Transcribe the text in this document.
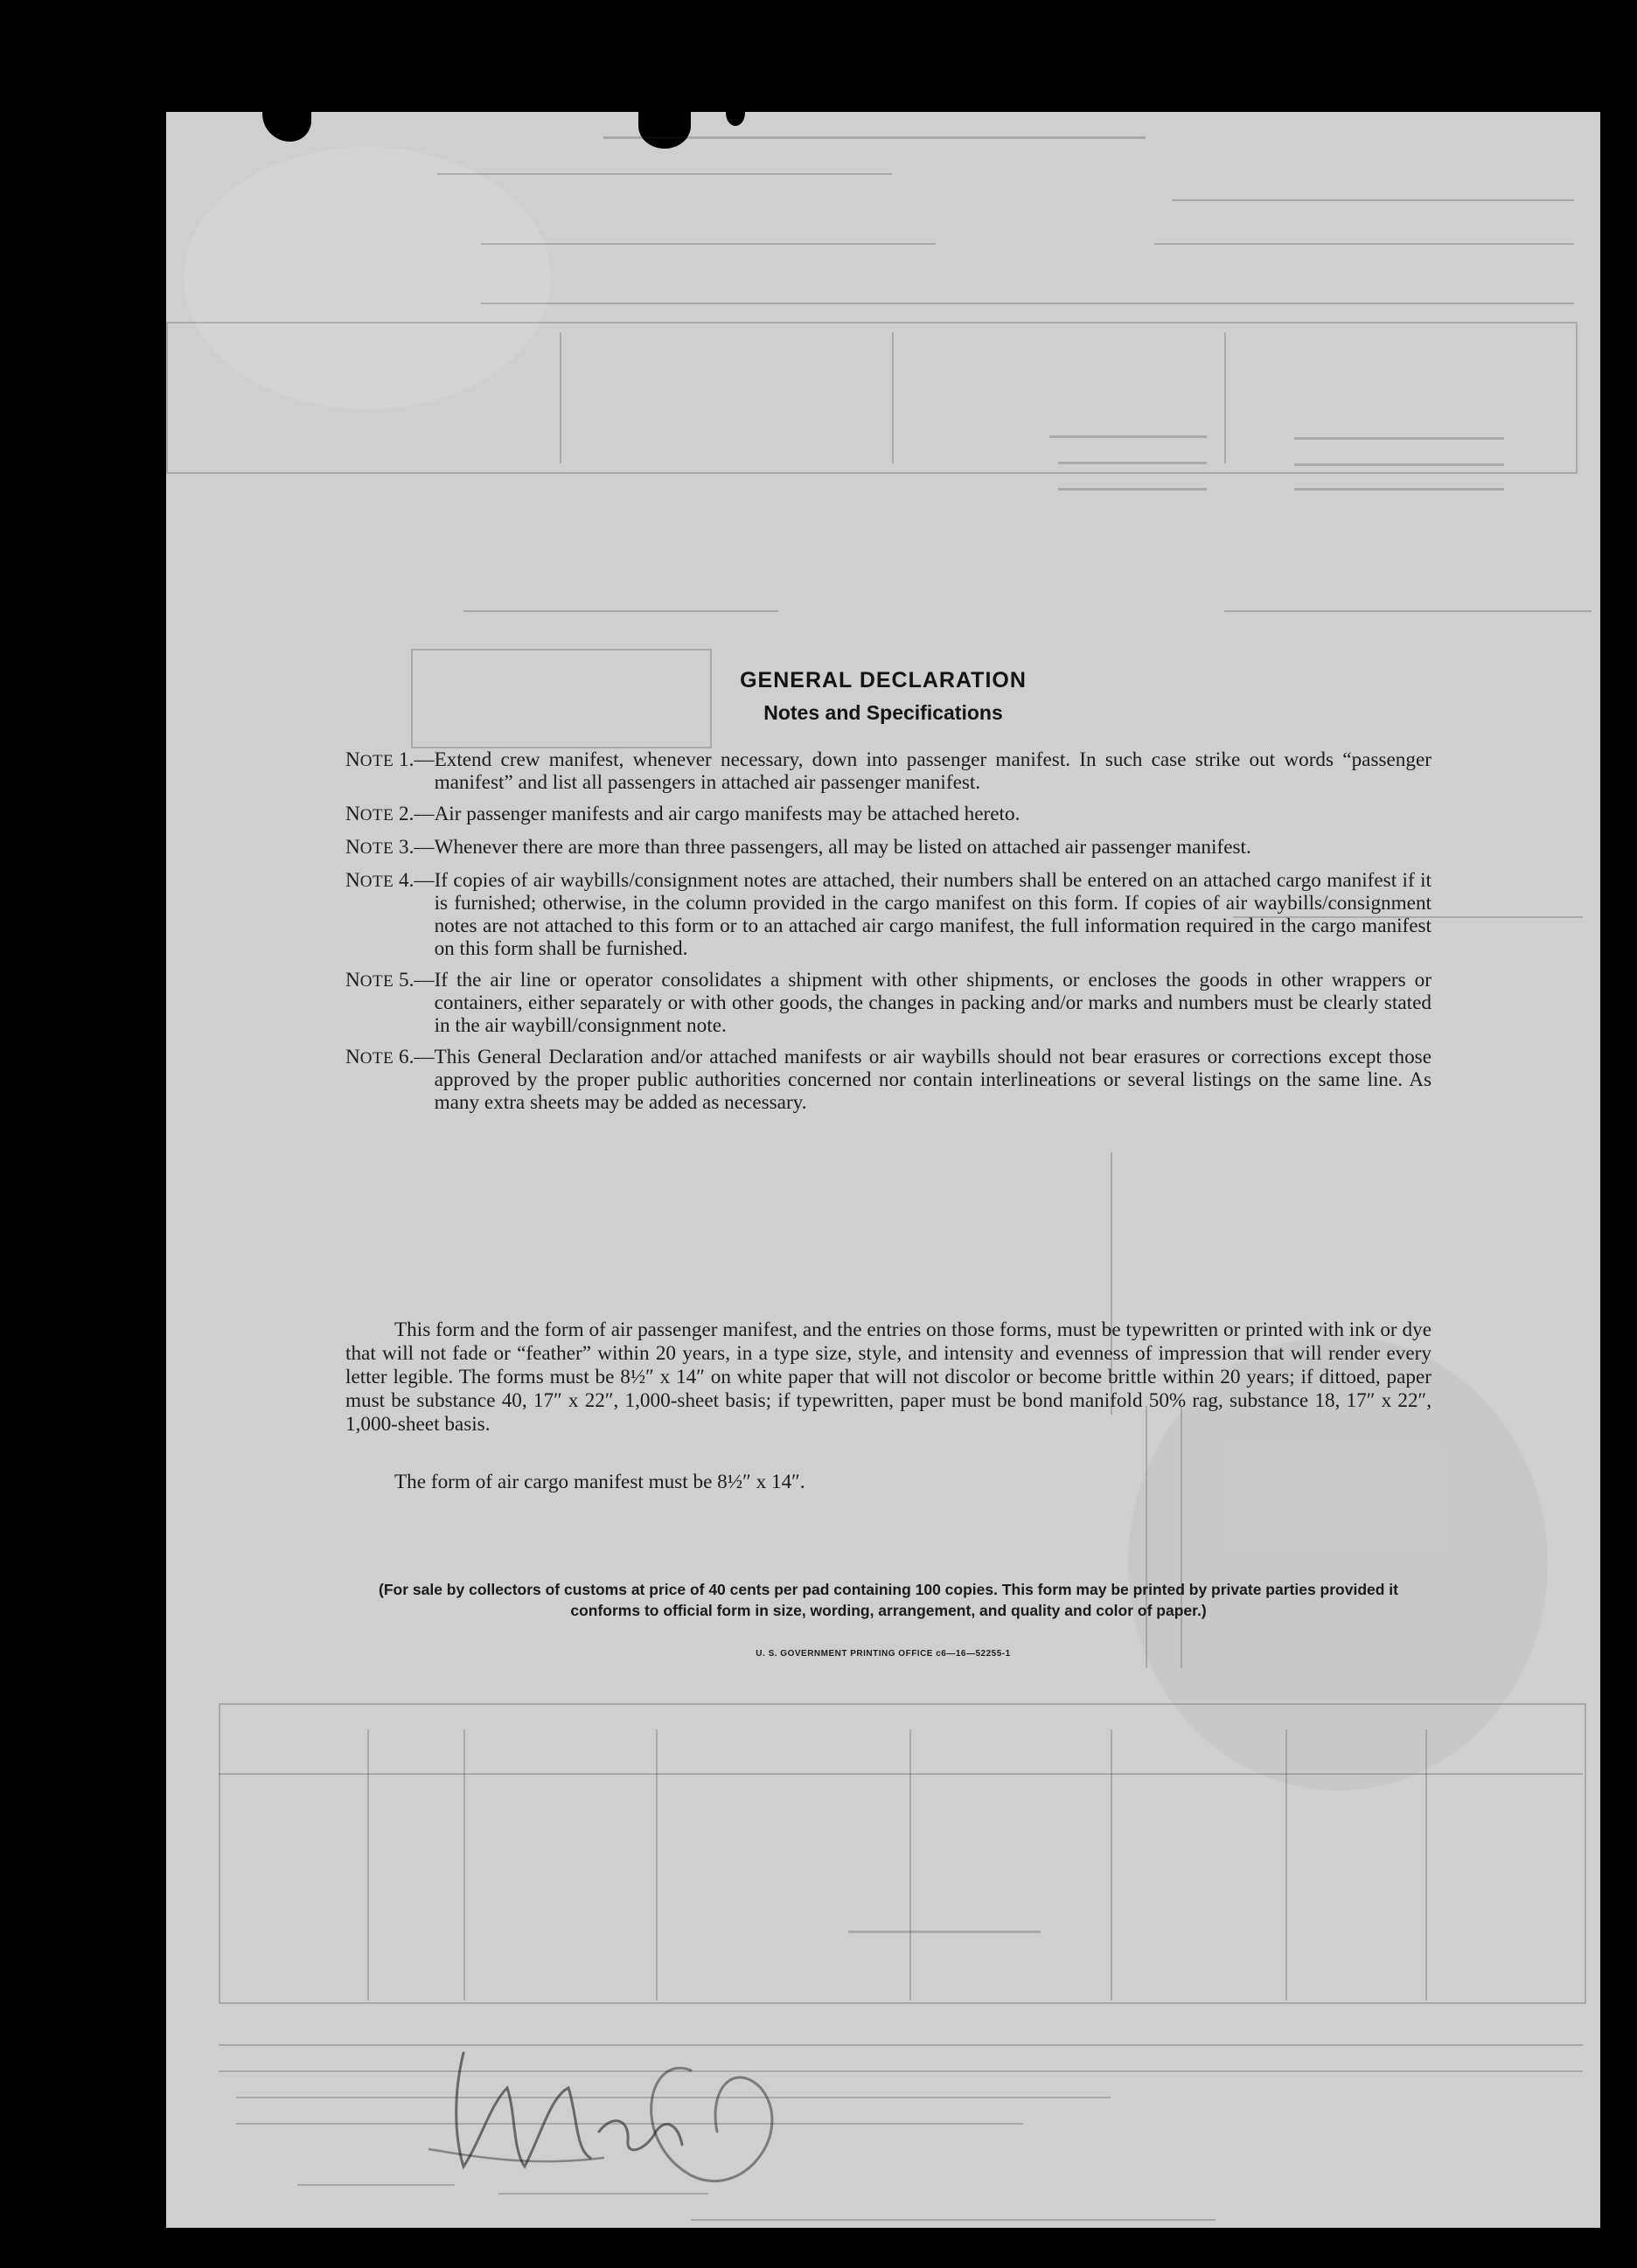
GENERAL DECLARATION
Notes and Specifications
NOTE 1.— Extend crew manifest, whenever necessary, down into passenger manifest. In such case strike out words “passenger manifest” and list all passengers in attached air passenger manifest.
NOTE 2.— Air passenger manifests and air cargo manifests may be attached hereto.
NOTE 3.— Whenever there are more than three passengers, all may be listed on attached air passenger manifest.
NOTE 4.— If copies of air waybills/consignment notes are attached, their numbers shall be entered on an attached cargo manifest if it is furnished; otherwise, in the column provided in the cargo manifest on this form. If copies of air waybills/consignment notes are not attached to this form or to an attached air cargo manifest, the full information required in the cargo manifest on this form shall be furnished.
NOTE 5.— If the air line or operator consolidates a shipment with other shipments, or encloses the goods in other wrappers or containers, either separately or with other goods, the changes in packing and/or marks and numbers must be clearly stated in the air waybill/consignment note.
NOTE 6.— This General Declaration and/or attached manifests or air waybills should not bear erasures or corrections except those approved by the proper public authorities concerned nor contain interlineations or several listings on the same line. As many extra sheets may be added as necessary.
This form and the form of air passenger manifest, and the entries on those forms, must be typewritten or printed with ink or dye that will not fade or “feather” within 20 years, in a type size, style, and intensity and evenness of impression that will render every letter legible. The forms must be 8½″ x 14″ on white paper that will not discolor or become brittle within 20 years; if dittoed, paper must be substance 40, 17″ x 22″, 1,000-sheet basis; if typewritten, paper must be bond manifold 50% rag, substance 18, 17″ x 22″, 1,000-sheet basis.
The form of air cargo manifest must be 8½″ x 14″.
(For sale by collectors of customs at price of 40 cents per pad containing 100 copies. This form may be printed by private parties provided it conforms to official form in size, wording, arrangement, and quality and color of paper.)
U. S. GOVERNMENT PRINTING OFFICE c6—16—52255-1
